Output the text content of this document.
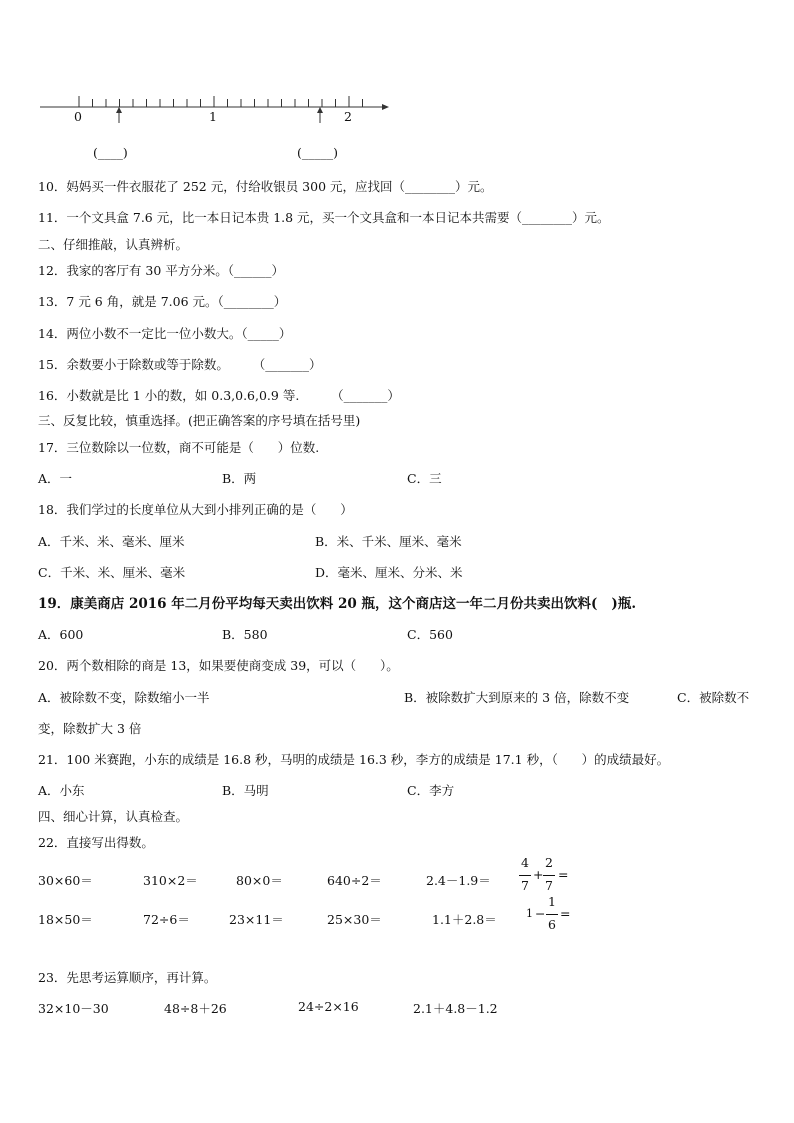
0	1	2
(____)	(_____)
10．妈妈买一件衣服花了 252 元，付给收银员 300 元，应找回（________）元。
11．一个文具盒 7.6 元，比一本日记本贵 1.8 元，买一个文具盒和一本日记本共需要（________）元。
二、仔细推敲，认真辨析。
12．我家的客厅有 30 平方分米。（______）
13．7 元 6 角，就是 7.06 元。（________）
14．两位小数不一定比一位小数大。（_____）
15．余数要小于除数或等于除数。      （_______）
16．小数就是比 1 小的数，如 0.3,0.6,0.9 等.        （_______）
三、反复比较，慎重选择。(把正确答案的序号填在括号里)
17．三位数除以一位数，商不可能是（      ）位数.
A．一	B．两	C．三
18．我们学过的长度单位从大到小排列正确的是（      ）
A．千米、米、毫米、厘米	B．米、千米、厘米、毫米
C．千米、米、厘米、毫米	D．毫米、厘米、分米、米
19．康美商店 2016 年二月份平均每天卖出饮料 20 瓶，这个商店这一年二月份共卖出饮料(   )瓶.
A．600	B．580	C．560
20．两个数相除的商是 13，如果要使商变成 39，可以（      ）。
A．被除数不变，除数缩小一半	B．被除数扩大到原来的 3 倍，除数不变	C．被除数不
变，除数扩大 3 倍
21．100 米赛跑，小东的成绩是 16.8 秒，马明的成绩是 16.3 秒，李方的成绩是 17.1 秒，（      ）的成绩最好。
A．小东	B．马明	C．李方
四、细心计算，认真检查。
22．直接写出得数。
30×60＝	310×2＝	80×0＝	640÷2＝	2.4－1.9＝
4
7
+
2
7
=
18×50＝	72÷6＝	23×11＝	25×30＝	1.1＋2.8＝	1 −
1
6
=
23．先思考运算顺序，再计算。
32×10－30	48÷8＋26	24÷2×16	2.1＋4.8－1.2
